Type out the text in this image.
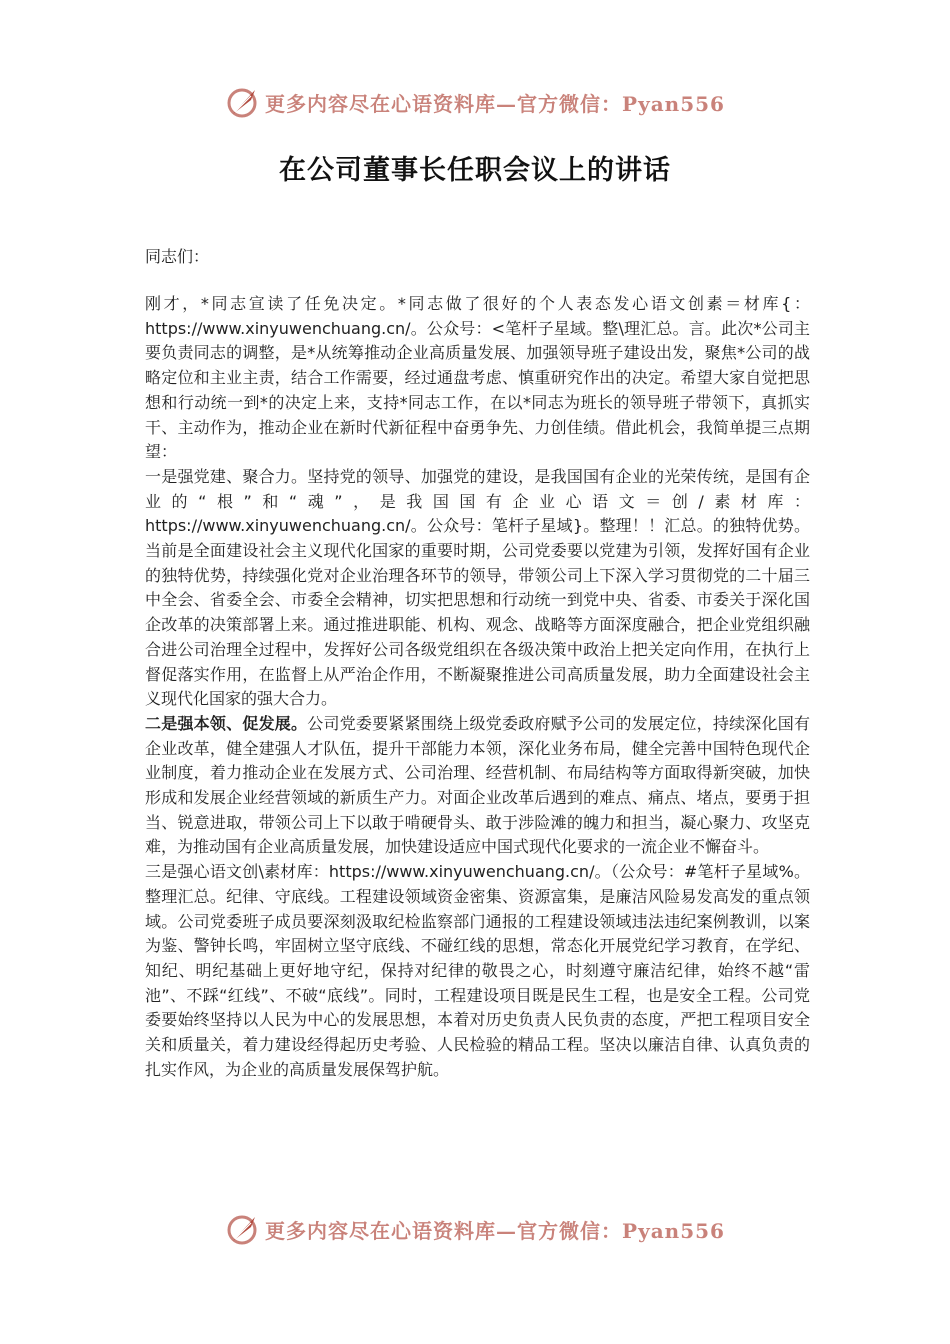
更多内容尽在心语资料库—官方微信：Pyan556
在公司董事长任职会议上的讲话

同志们：

刚才，*同志宣读了任免决定。*同志做了很好的个人表态发心语文创素＝材库{：https://www.xinyuwenchuang.cn/。公众号：<笔杆子星域。整\理汇总。言。此次*公司主要负责同志的调整，是*从统筹推动企业高质量发展、加强领导班子建设出发，聚焦*公司的战略定位和主业主责，结合工作需要，经过通盘考虑、慎重研究作出的决定。希望大家自觉把思想和行动统一到*的决定上来，支持*同志工作，在以*同志为班长的领导班子带领下，真抓实干、主动作为，推动企业在新时代新征程中奋勇争先、力创佳绩。借此机会，我简单提三点期望：

一是强党建、聚合力。坚持党的领导、加强党的建设，是我国国有企业的光荣传统，是国有企业的“根”和“魂”，是我国国有企业心语文＝创/素材库：https://www.xinyuwenchuang.cn/。公众号：笔杆子星域}。整理！！汇总。的独特优势。当前是全面建设社会主义现代化国家的重要时期，公司党委要以党建为引领，发挥好国有企业的独特优势，持续强化党对企业治理各环节的领导，带领公司上下深入学习贯彻党的二十届三中全会、省委全会、市委全会精神，切实把思想和行动统一到党中央、省委、市委关于深化国企改革的决策部署上来。通过推进职能、机构、观念、战略等方面深度融合，把企业党组织融合进公司治理全过程中，发挥好公司各级党组织在各级决策中政治上把关定向作用，在执行上督促落实作用，在监督上从严治企作用，不断凝聚推进公司高质量发展，助力全面建设社会主义现代化国家的强大合力。

二是强本领、促发展。公司党委要紧紧围绕上级党委政府赋予公司的发展定位，持续深化国有企业改革，健全建强人才队伍，提升干部能力本领，深化业务布局，健全完善中国特色现代企业制度，着力推动企业在发展方式、公司治理、经营机制、布局结构等方面取得新突破，加快形成和发展企业经营领域的新质生产力。对面企业改革后遇到的难点、痛点、堵点，要勇于担当、锐意进取，带领公司上下以敢于啃硬骨头、敢于涉险滩的魄力和担当，凝心聚力、攻坚克难，为推动国有企业高质量发展，加快建设适应中国式现代化要求的一流企业不懈奋斗。

三是强心语文创\素材库：https://www.xinyuwenchuang.cn/。（公众号：#笔杆子星域%。整理汇总。纪律、守底线。工程建设领域资金密集、资源富集，是廉洁风险易发高发的重点领域。公司党委班子成员要深刻汲取纪检监察部门通报的工程建设领域违法违纪案例教训，以案为鉴、警钟长鸣，牢固树立坚守底线、不碰红线的思想，常态化开展党纪学习教育，在学纪、知纪、明纪基础上更好地守纪，保持对纪律的敬畏之心，时刻遵守廉洁纪律，始终不越“雷池”、不踩“红线”、不破“底线”。同时，工程建设项目既是民生工程，也是安全工程。公司党委要始终坚持以人民为中心的发展思想，本着对历史负责人民负责的态度，严把工程项目安全关和质量关，着力建设经得起历史考验、人民检验的精品工程。坚决以廉洁自律、认真负责的扎实作风，为企业的高质量发展保驾护航。

更多内容尽在心语资料库—官方微信：Pyan556
